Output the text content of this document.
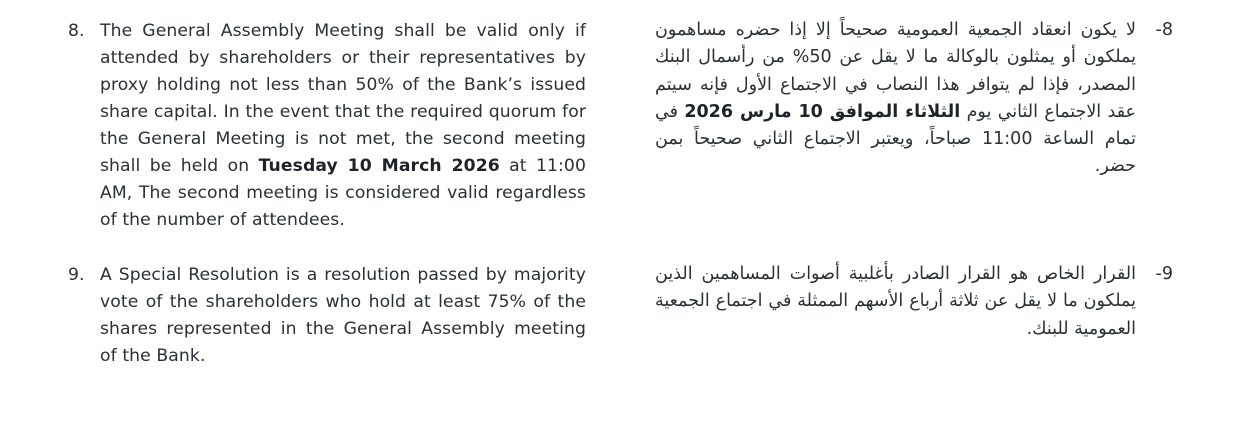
8. The General Assembly Meeting shall be valid only if attended by shareholders or their representatives by proxy holding not less than 50% of the Bank’s issued share capital. In the event that the required quorum for the General Meeting is not met, the second meeting shall be held on Tuesday 10 March 2026 at 11:00 AM, The second meeting is considered valid regardless of the number of attendees.
9. A Special Resolution is a resolution passed by majority vote of the shareholders who hold at least 75% of the shares represented in the General Assembly meeting of the Bank.
-8
لا يكون انعقاد الجمعية العمومية صحيحاً إلا إذا حضره مساهمون يملكون أو يمثلون بالوكالة ما لا يقل عن 50% من رأسمال البنك المصدر، فإذا لم يتوافر هذا النصاب في الاجتماع الأول فإنه سيتم عقد الاجتماع الثاني يوم الثلاثاء الموافق 10 مارس 2026 في تمام الساعة 11:00 صباحاً، ويعتبر الاجتماع الثاني صحيحاً بمن حضر.
-9
القرار الخاص هو القرار الصادر بأغلبية أصوات المساهمين الذين يملكون ما لا يقل عن ثلاثة أرباع الأسهم الممثلة في اجتماع الجمعية العمومية للبنك.
